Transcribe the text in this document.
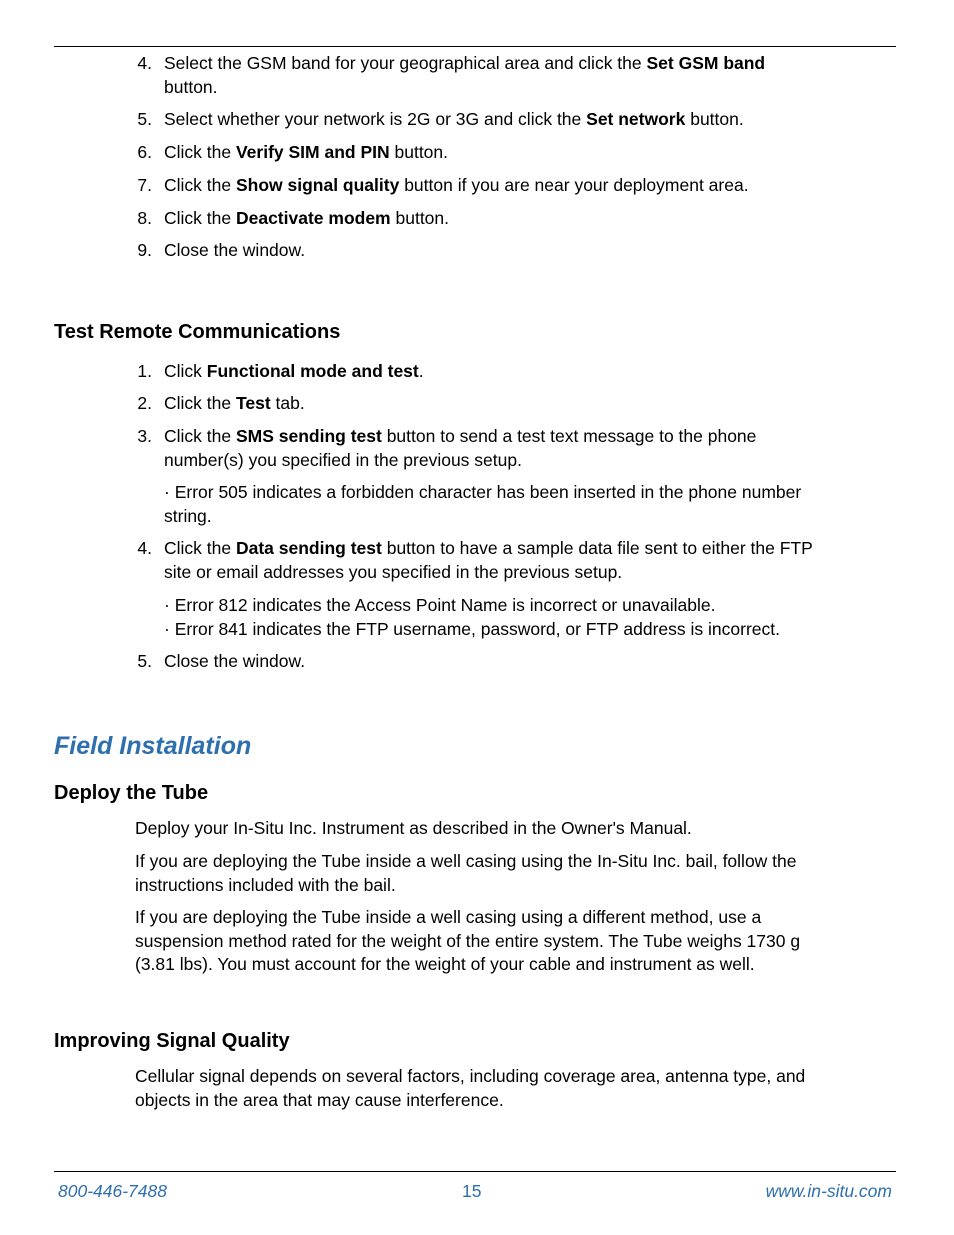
4. Select the GSM band for your geographical area and click the Set GSM band
button.
5. Select whether your network is 2G or 3G and click the Set network button.
6. Click the Verify SIM and PIN button.
7. Click the Show signal quality button if you are near your deployment area.
8. Click the Deactivate modem button.
9. Close the window.
Test Remote Communications
1. Click Functional mode and test.
2. Click the Test tab.
3. Click the SMS sending test button to send a test text message to the phone
number(s) you specified in the previous setup.
· Error 505 indicates a forbidden character has been inserted in the phone number
string.
4. Click the Data sending test button to have a sample data file sent to either the FTP
site or email addresses you specified in the previous setup.
· Error 812 indicates the Access Point Name is incorrect or unavailable.
· Error 841 indicates the FTP username, password, or FTP address is incorrect.
5. Close the window.
Field Installation
Deploy the Tube
Deploy your In-Situ Inc. Instrument as described in the Owner's Manual.
If you are deploying the Tube inside a well casing using the In-Situ Inc. bail, follow the
instructions included with the bail.
If you are deploying the Tube inside a well casing using a different method, use a
suspension method rated for the weight of the entire system. The Tube weighs 1730 g
(3.81 lbs). You must account for the weight of your cable and instrument as well.
Improving Signal Quality
Cellular signal depends on several factors, including coverage area, antenna type, and
objects in the area that may cause interference.
800-446-7488	15	www.in-situ.com
